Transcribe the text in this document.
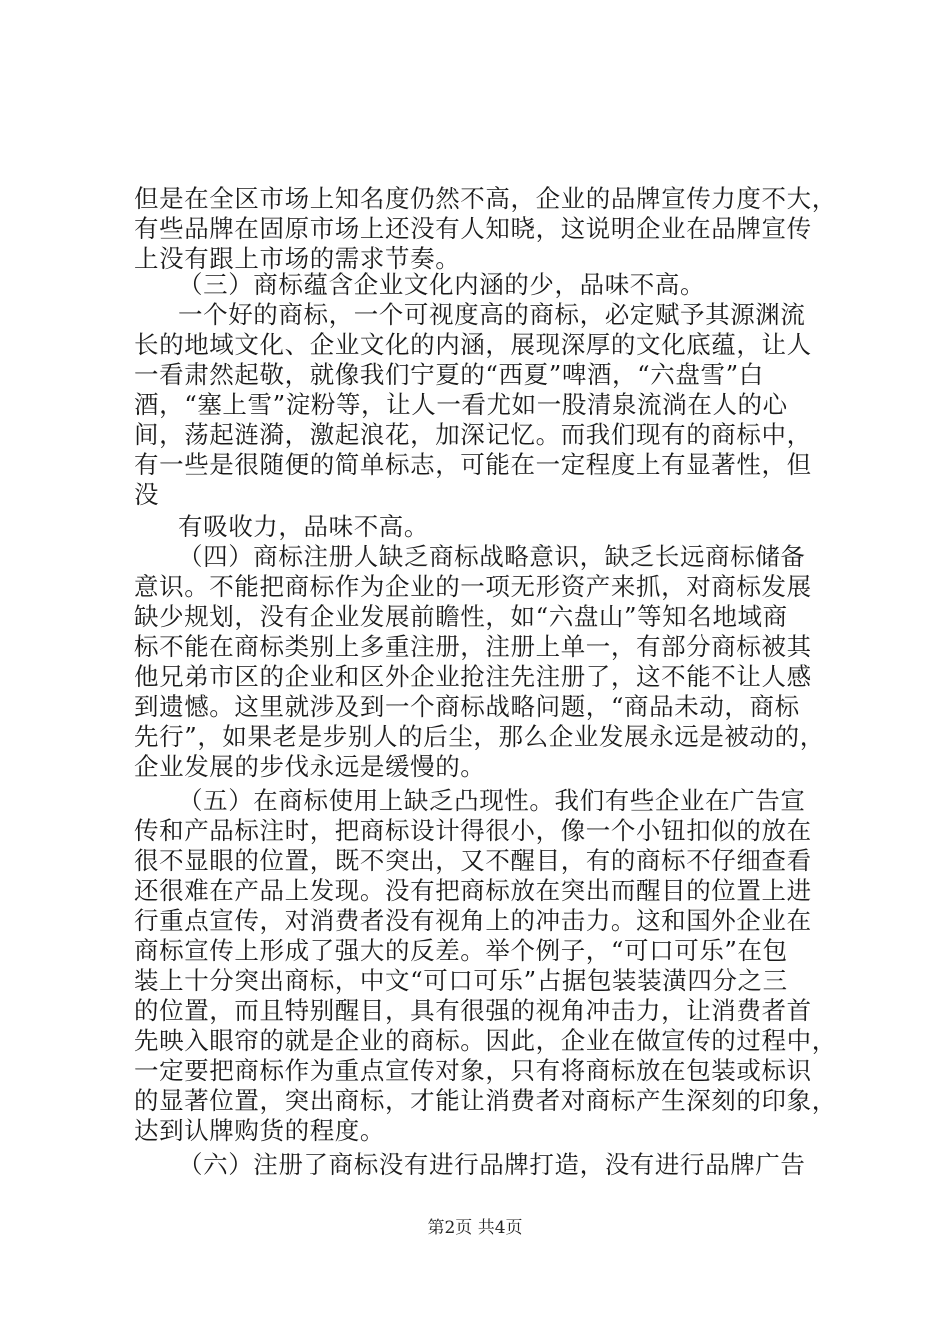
但是在全区市场上知名度仍然不高，企业的品牌宣传力度不大，
有些品牌在固原市场上还没有人知晓，这说明企业在品牌宣传
上没有跟上市场的需求节奏。
（三）商标蕴含企业文化内涵的少，品味不高。
一个好的商标，一个可视度高的商标，必定赋予其源渊流
长的地域文化、企业文化的内涵，展现深厚的文化底蕴，让人
一看肃然起敬，就像我们宁夏的“西夏”啤酒，“六盘雪”白
酒，“塞上雪”淀粉等，让人一看尤如一股清泉流淌在人的心
间，荡起涟漪，激起浪花，加深记忆。而我们现有的商标中，
有一些是很随便的简单标志，可能在一定程度上有显著性，但
没
有吸收力，品味不高。
（四）商标注册人缺乏商标战略意识，缺乏长远商标储备
意识。不能把商标作为企业的一项无形资产来抓，对商标发展
缺少规划，没有企业发展前瞻性，如“六盘山”等知名地域商
标不能在商标类别上多重注册，注册上单一，有部分商标被其
他兄弟市区的企业和区外企业抢注先注册了，这不能不让人感
到遗憾。这里就涉及到一个商标战略问题，“商品未动，商标
先行”，如果老是步别人的后尘，那么企业发展永远是被动的，
企业发展的步伐永远是缓慢的。
（五）在商标使用上缺乏凸现性。我们有些企业在广告宣
传和产品标注时，把商标设计得很小，像一个小钮扣似的放在
很不显眼的位置，既不突出，又不醒目，有的商标不仔细查看
还很难在产品上发现。没有把商标放在突出而醒目的位置上进
行重点宣传，对消费者没有视角上的冲击力。这和国外企业在
商标宣传上形成了强大的反差。举个例子，“可口可乐”在包
装上十分突出商标，中文“可口可乐”占据包装装潢四分之三
的位置，而且特别醒目，具有很强的视角冲击力，让消费者首
先映入眼帘的就是企业的商标。因此，企业在做宣传的过程中，
一定要把商标作为重点宣传对象，只有将商标放在包装或标识
的显著位置，突出商标，才能让消费者对商标产生深刻的印象，
达到认牌购货的程度。
（六）注册了商标没有进行品牌打造，没有进行品牌广告
第2页 共4页
